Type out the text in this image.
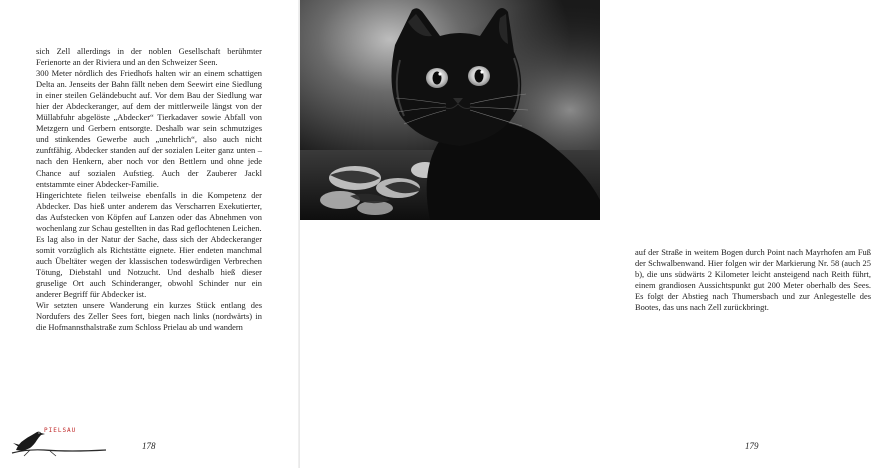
sich Zell allerdings in der noblen Gesellschaft berühmter Ferienorte an der Riviera und an den Schweizer Seen.

300 Meter nördlich des Friedhofs halten wir an einem schattigen Delta an. Jenseits der Bahn fällt neben dem Seewirt eine Siedlung in einer steilen Geländebucht auf. Vor dem Bau der Siedlung war hier der Abdeckeranger, auf dem der mittlerweile längst von der Müllabfuhr abgelöste „Abdecker“ Tierkadaver sowie Abfall von Metzgern und Gerbern entsorgte. Deshalb war sein schmutziges und stinkendes Gewerbe auch „unehrlich“, also auch nicht zunftfähig. Abdecker standen auf der sozialen Leiter ganz unten – nach den Henkern, aber noch vor den Bettlern und ohne jede Chance auf sozialen Aufstieg. Auch der Zauberer Jackl entstammte einer Abdecker-Familie.

Hingerichtete fielen teilweise ebenfalls in die Kompetenz der Abdecker. Das hieß unter anderem das Verscharren Exekutierter, das Aufstecken von Köpfen auf Lanzen oder das Abnehmen von wochenlang zur Schau gestellten in das Rad geflochtenen Leichen.

Es lag also in der Natur der Sache, dass sich der Abdeckeranger somit vorzüglich als Richtstätte eignete. Hier endeten manchmal auch Übeltäter wegen der klassischen todeswürdigen Verbrechen Tötung, Diebstahl und Notzucht. Und deshalb hieß dieser gruselige Ort auch Schinderanger, obwohl Schinder nur ein anderer Begriff für Abdecker ist.

Wir setzten unsere Wanderung ein kurzes Stück entlang des Nordufers des Zeller Sees fort, biegen nach links (nordwärts) in die Hofmannsthalstraße zum Schloss Prielau ab und wandern

PIELSAU
178

auf der Straße in weitem Bogen durch Point nach Mayrhofen am Fuß der Schwalbenwand. Hier folgen wir der Markierung Nr. 58 (auch 25 b), die uns südwärts 2 Kilometer leicht ansteigend nach Reith führt, einem grandiosen Aussichtspunkt gut 200 Meter oberhalb des Sees. Es folgt der Abstieg nach Thumersbach und zur Anlegestelle des Bootes, das uns nach Zell zurückbringt.

179
